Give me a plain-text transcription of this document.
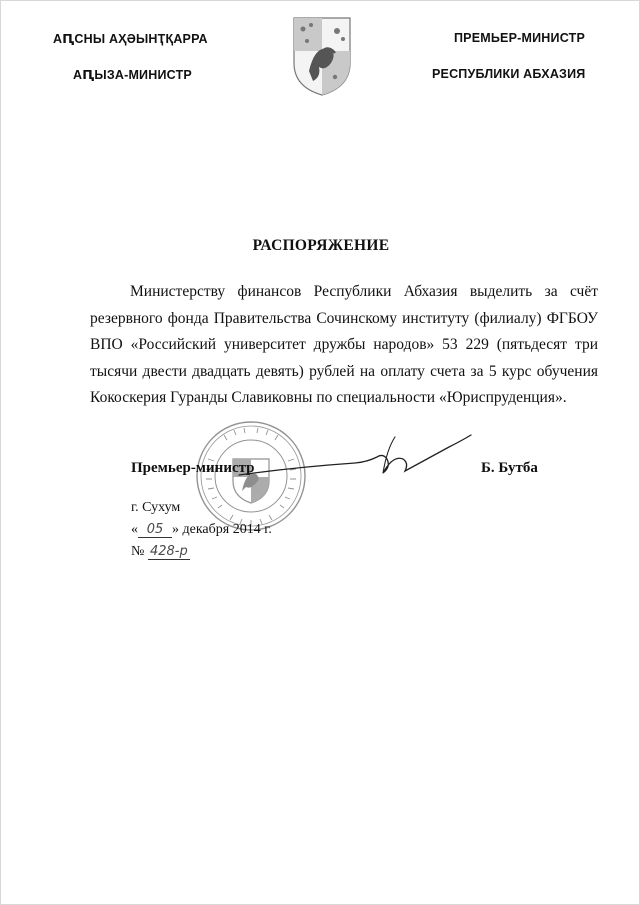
АԤСНЫ АҲӘЫНҬҚАРРА
АԤЫЗА-МИНИСТР
ПРЕМЬЕР-МИНИСТР
РЕСПУБЛИКИ АБХАЗИЯ
РАСПОРЯЖЕНИЕ
Министерству финансов Республики Абхазия выделить за счёт резервного фонда Правительства Сочинскому институту (филиалу) ФГБОУ ВПО «Российский университет дружбы народов» 53 229 (пятьдесят три тысячи двести двадцать девять) рублей на оплату счета за 5 курс обучения Кокоскерия Гуранды Славиковны по специальности «Юриспруденция».
Премьер-министр	Б. Бутба
г. Сухум
« 05 » декабря 2014 г.
№ 428-р
